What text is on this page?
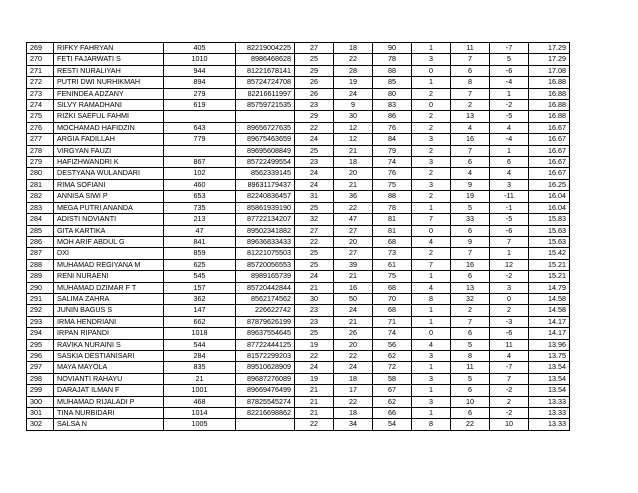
269	RIFKY FAHRYAN	405	82219004225	27	18	90	1	11	-7	17.29
270	FETI FAJARWATI S	1010	8986468628	25	22	78	3	7	5	17.29
271	RESTI NURALIYAH	944	81221678141	29	28	88	0	6	-6	17.08
272	PUTRI DWI NURHIKMAH	894	85724724708	26	19	85	1	8	-4	16.88
273	FENINDEA ADZANY	279	82216611997	26	24	80	2	7	1	16.88
274	SILVY RAMADHANI	619	85759721535	23	9	83	0	2	-2	16.88
275	RIZKI SAEFUL FAHMI			29	30	86	2	13	-5	16.88
276	MOCHAMAD HAFIDZIN	643	89656727635	22	12	76	2	4	4	16.67
277	ARGIA FADILLAH	779	89675463659	24	12	84	3	16	-4	16.67
278	VIRGYAN FAUZI		89695608849	25	21	79	2	7	1	16.67
279	HAFIZHWANDRI K	867	85722499554	23	18	74	3	6	6	16.67
280	DESTYANA WULANDARI	102	8562339145	24	20	76	2	4	4	16.67
281	RIMA SOFIANI	460	89631179437	24	21	75	3	9	3	16.25
282	ANNISA SIWI P	653	82240836457	31	36	88	2	19	-11	16.04
283	MEGA PUTRI ANANDA	735	85861939190	25	22	78	1	5	-1	16.04
284	ADISTI NOVIANTI	213	87722134207	32	47	81	7	33	-5	15.83
285	GITA KARTIKA	47	89502341882	27	27	81	0	6	-6	15.63
286	MOH ARIF ABDUL G	841	89636833433	22	20	68	4	9	7	15.63
287	DXI	859	81221075503	25	27	73	2	7	1	15.42
288	MUHAMAD REGIYANA M	625	85720056553	25	39	61	7	16	12	15.21
289	RENI NURAENI	545	8989165739	24	21	75	1	6	-2	15.21
290	MUHAMAD DZIMAR F T	157	85720442844	21	16	68	4	13	3	14.79
291	SALIMA ZAHRA	362	8562174562	30	50	70	8	32	0	14.58
292	JUNIN BAGUS S	147	226622742	23	24	68	1	2	2	14.58
293	IRMA HENDRIANI	662	87879626199	23	21	71	1	7	-3	14.17
294	IRPAN RIPANDI	1018	89637554645	25	26	74	0	6	-6	14.17
295	RAVIKA NURAINI S	544	87722444125	19	20	56	4	5	11	13.96
296	SASKIA DESTIANISARI	284	81572299203	22	22	62	3	8	4	13.75
297	MAYA MAYOLA	835	89510628909	24	24	72	1	11	-7	13.54
298	NOVIANTI RAHAYU	21	89687276089	19	18	58	3	5	7	13.54
299	DARAJAT ILMAN F	1001	89669476499	21	17	67	1	6	-2	13.54
300	MUHAMAD RIJALADI P	468	87825545274	21	22	62	3	10	2	13.33
301	TINA NURBIDARI	1014	82216698862	21	18	66	1	6	-2	13.33
302	SALSA N	1005		22	34	54	8	22	10	13.33
